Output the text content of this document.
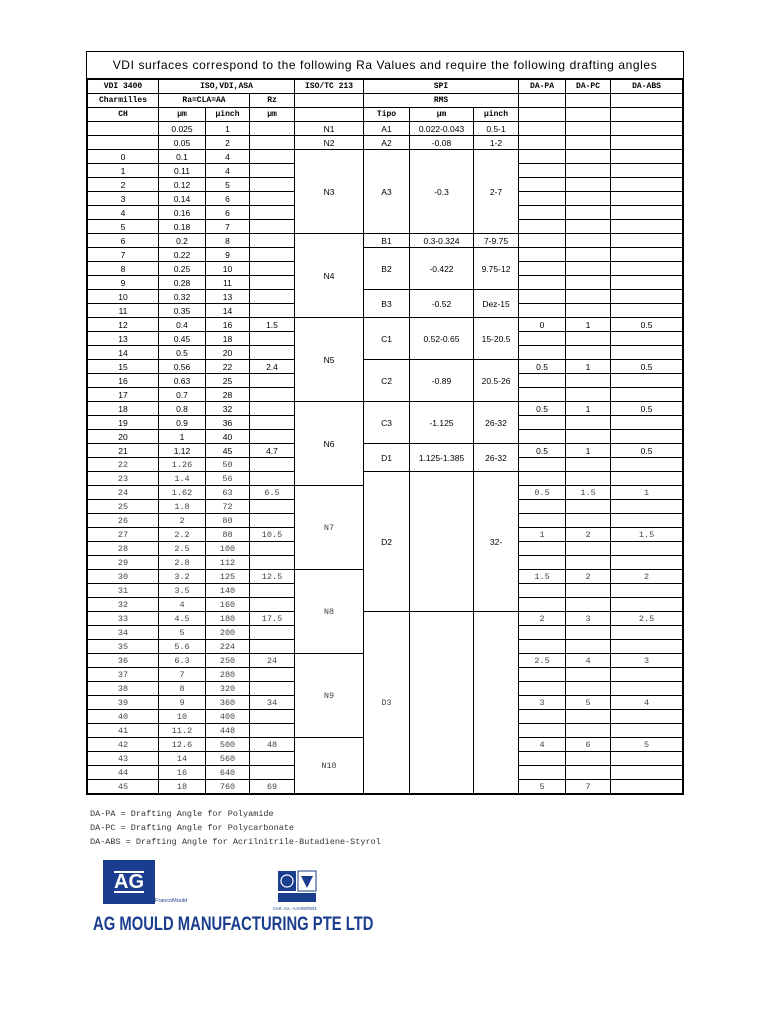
VDI surfaces correspond to the following Ra Values and require the following drafting angles
VDI 3400	ISO,VDI,ASA			ISO/TC 213	SPI			DA-PA	DA-PC	DA-ABS
Charmilles	Ra=CLA=AA		Rz		RMS					
CH	µm	µinch	µm		Tipo	µm	µinch			
	0.025	1		N1	A1	0.022-0.043	0.5-1			
	0.05	2		N2	A2	-0.08	1-2			
0	0.1	4		N3	A3	-0.3	2-7			
1	0.11	4								
2	0.12	5								
3	0.14	6								
4	0.16	6								
5	0.18	7								
6	0.2	8		N4	B1	0.3-0.324	7-9.75			
7	0.22	9			B2	-0.422	9.75-12			
8	0.25	10								
9	0.28	11								
10	0.32	13			B3	-0.52	Dez-15			
11	0.35	14								
12	0.4	16	1.5	N5	C1	0.52-0.65	15-20.5	0	1	0.5
13	0.45	18								
14	0.5	20								
15	0.56	22	2.4		C2	-0.89	20.5-26	0.5	1	0.5
16	0.63	25								
17	0.7	28								
18	0.8	32		N6	C3	-1.125	26-32	0.5	1	0.5
19	0.9	36								
20	1	40								
21	1.12	45	4.7		D1	1.125-1.385	26-32	0.5	1	0.5
22	1.26	50								
23	1.4	56			D2		32-			
24	1.62	63	6.5	N7				0.5	1.5	1
25	1.8	72								
26	2	80								
27	2.2	88	10.5					1	2	1.5
28	2.5	100								
29	2.8	112								
30	3.2	125	12.5	N8				1.5	2	2
31	3.5	140								
32	4	160								
33	4.5	180	17.5		D3			2	3	2.5
34	5	200								
35	5.6	224								
36	6.3	250	24	N9				2.5	4	3
37	7	280								
38	8	320								
39	9	360	34					3	5	4
40	10	400								
41	11.2	448								
42	12.6	500	48	N10				4	6	5
43	14	560								
44	16	640								
45	18	760	69					5	7	
DA-PA = Drafting Angle for Polyamide
DA-PC = Drafting Angle for Polycarbonate
DA-ABS = Drafting Angle for Acrilnitrile-Butadiene-Styrol
AG
FrancoMould
Cert. no.: AJA08/0591
AG MOULD MANUFACTURING PTE LTD
